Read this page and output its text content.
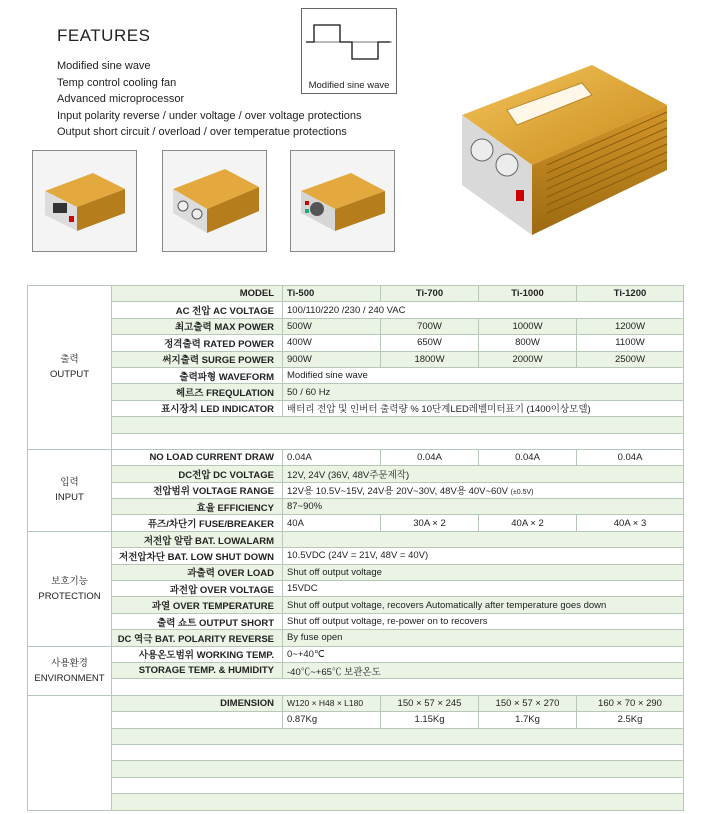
FEATURES
Modified sine wave
Temp control cooling fan
Advanced microprocessor
Input polarity reverse / under voltage / over voltage protections
Output short circuit / overload / over temperatue protections
Modified sine wave
출력
OUTPUT	MODEL	Ti-500	Ti-700	Ti-1000	Ti-1200
	AC 전압 AC VOLTAGE	100/110/220 /230 / 240 VAC			
	최고출력 MAX POWER	500W	700W	1000W	1200W
	정격출력 RATED POWER	400W	650W	800W	1100W
	써지출력 SURGE POWER	900W	1800W	2000W	2500W
	출력파형 WAVEFORM	Modified sine wave			
	헤르즈 FREQULATION	50 / 60 Hz			
	표시장치 LED INDICATOR	배터리 전압 및 인버터 출력량 % 10단계LED레벨미터표기 (1400이상모델)			

입력
INPUT	NO LOAD CURRENT DRAW	0.04A	0.04A	0.04A	0.04A
	DC전압 DC VOLTAGE	12V, 24V (36V, 48V주문제작)			
	전압범위 VOLTAGE RANGE	12V용 10.5V~15V, 24V용 20V~30V, 48V용 40V~60V (±0.5V)			
	효율 EFFICIENCY	87~90%			
	퓨즈/차단기 FUSE/BREAKER	40A	30A × 2	40A × 2	40A × 3

보호기능
PROTECTION	저전압 알람 BAT. LOWALARM				
	저전압차단 BAT. LOW SHUT DOWN	10.5VDC (24V = 21V, 48V = 40V)			
	과출력 OVER LOAD	Shut off output voltage			
	과전압 OVER VOLTAGE	15VDC			
	과열 OVER TEMPERATURE	Shut off output voltage, recovers Automatically after temperature goes down			
	출력 쇼트 OUTPUT SHORT	Shut off output voltage, re-power on to recovers			
	DC 역극 BAT. POLARITY REVERSE	By fuse open			

사용환경
ENVIRONMENT	사용온도범위 WORKING TEMP.	0~+40℃			
	STORAGE TEMP. & HUMIDITY	-40℃~+65℃ 보관온도			

	DIMENSION	W120 × H48 × L180	150 × 57 × 245	150 × 57 × 270	160 × 70 × 290
		0.87Kg	1.15Kg	1.7Kg	2.5Kg
